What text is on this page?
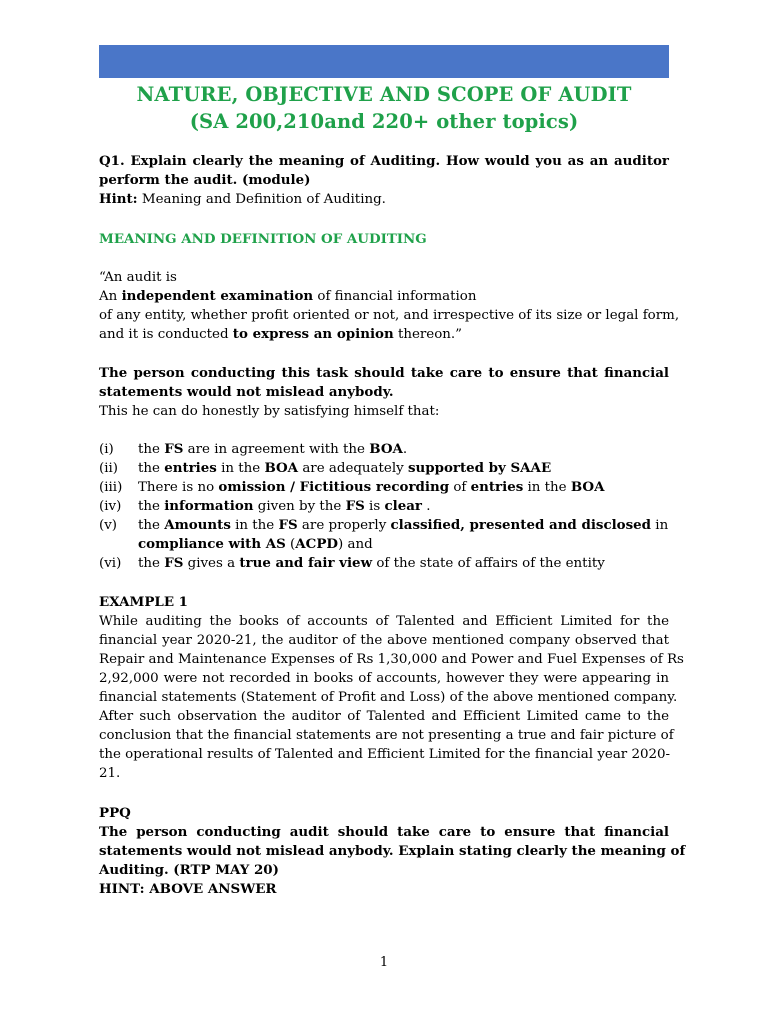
NATURE, OBJECTIVE AND SCOPE OF AUDIT
(SA 200,210and 220+ other topics)
Q1. Explain clearly the meaning of Auditing. How would you as an auditor
perform the audit. (module)
Hint: Meaning and Definition of Auditing.
MEANING AND DEFINITION OF AUDITING
“An audit is
An independent examination of financial information
of any entity, whether profit oriented or not, and irrespective of its size or legal form,
and it is conducted to express an opinion thereon.”
The person conducting this task should take care to ensure that financial
statements would not mislead anybody.
This he can do honestly by satisfying himself that:
(i) the FS are in agreement with the BOA.
(ii) the entries in the BOA are adequately supported by SAAE
(iii) There is no omission / Fictitious recording of entries in the BOA
(iv) the information given by the FS is clear .
(v) the Amounts in the FS are properly classified, presented and disclosed in
compliance with AS (ACPD) and
(vi) the FS gives a true and fair view of the state of affairs of the entity
EXAMPLE 1
While auditing the books of accounts of Talented and Efficient Limited for the
financial year 2020-21, the auditor of the above mentioned company observed that
Repair and Maintenance Expenses of Rs 1,30,000 and Power and Fuel Expenses of Rs
2,92,000 were not recorded in books of accounts, however they were appearing in
financial statements (Statement of Profit and Loss) of the above mentioned company.
After such observation the auditor of Talented and Efficient Limited came to the
conclusion that the financial statements are not presenting a true and fair picture of
the operational results of Talented and Efficient Limited for the financial year 2020-
21.
PPQ
The person conducting audit should take care to ensure that financial
statements would not mislead anybody. Explain stating clearly the meaning of
Auditing. (RTP MAY 20)
HINT: ABOVE ANSWER
1
